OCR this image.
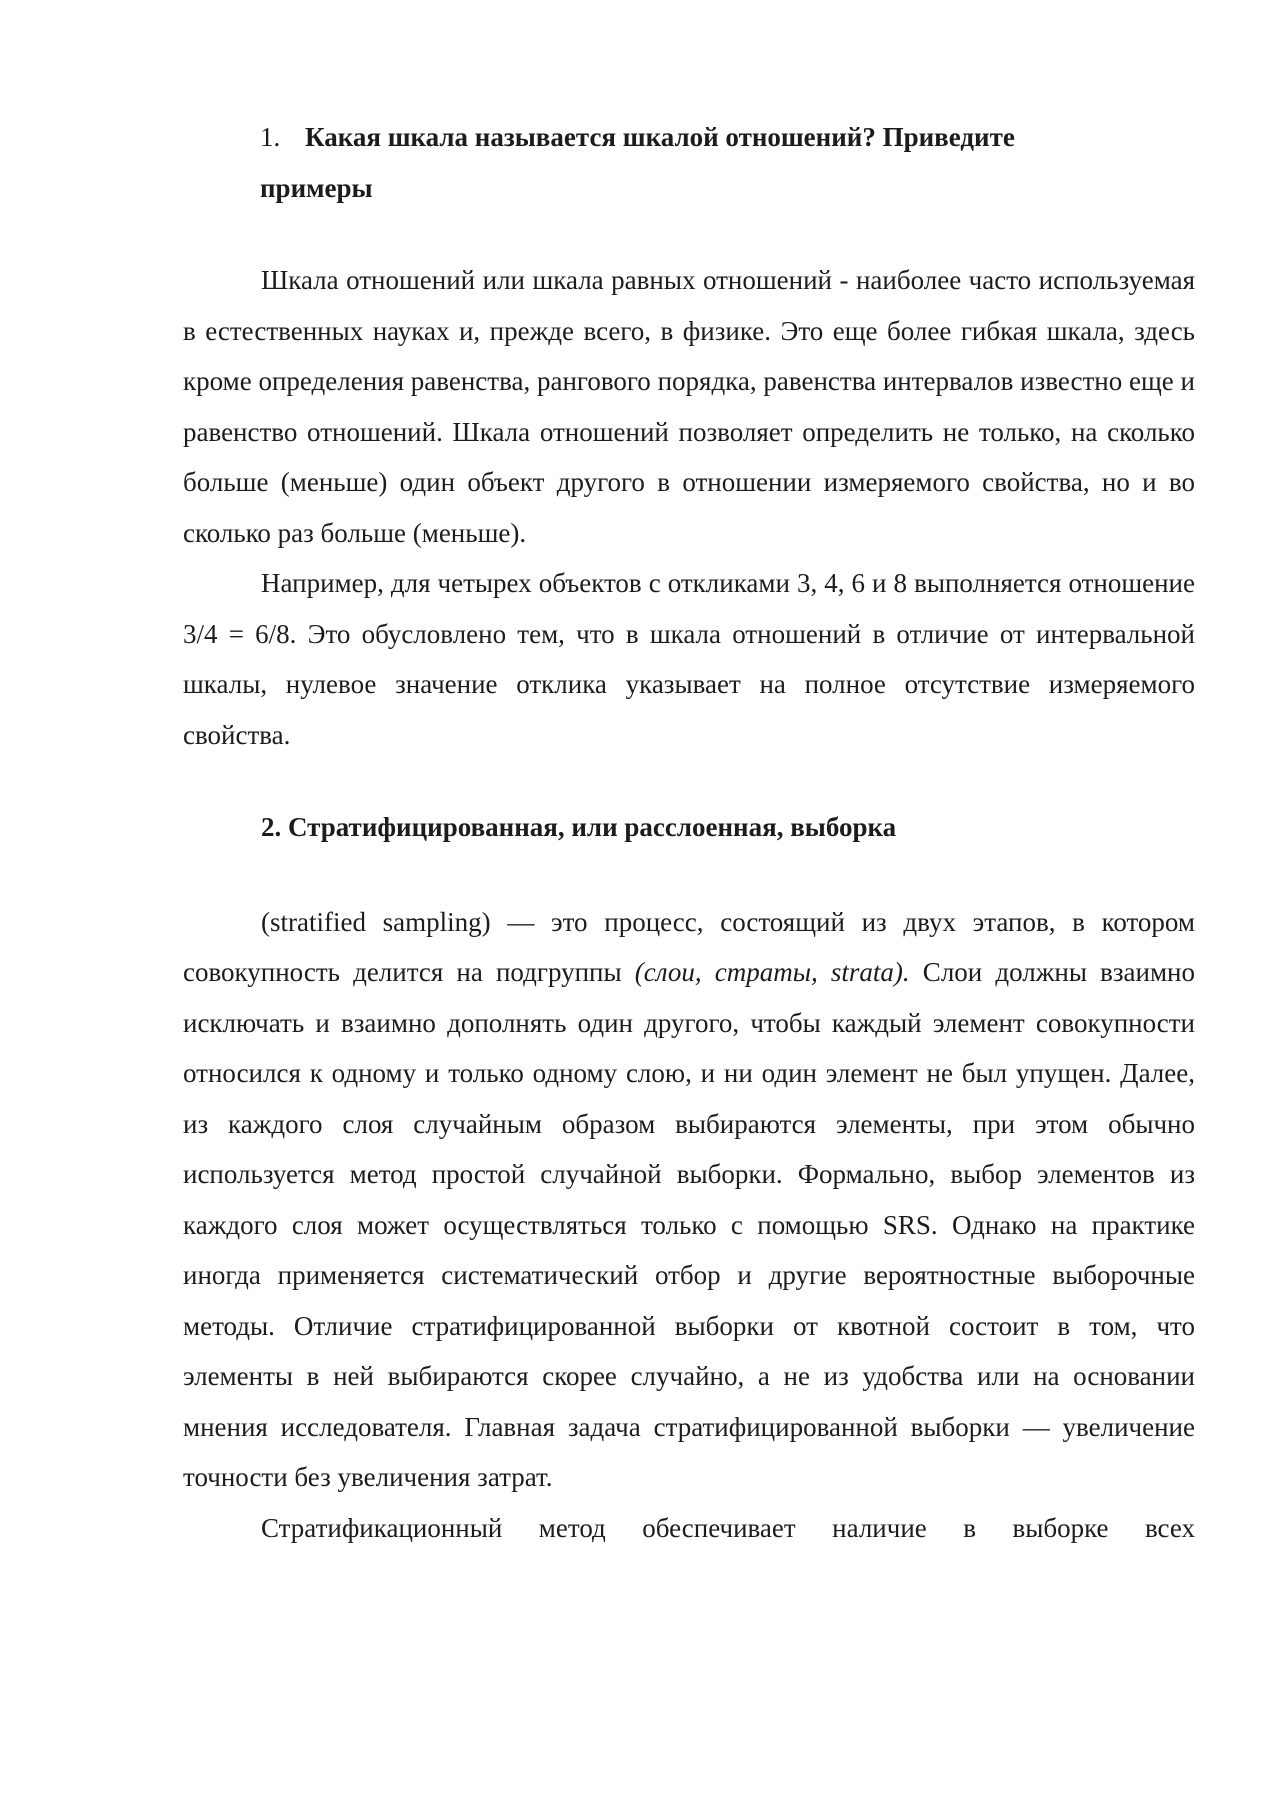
1. Какая шкала называется шкалой отношений? Приведите
примеры

Шкала отношений или шкала равных отношений - наиболее часто используемая в естественных науках и, прежде всего, в физике. Это еще более гибкая шкала, здесь кроме определения равенства, рангового порядка, равенства интервалов известно еще и равенство отношений. Шкала отношений позволяет определить не только, на сколько больше (меньше) один объект другого в отношении измеряемого свойства, но и во сколько раз больше (меньше).

Например, для четырех объектов с откликами 3, 4, 6 и 8 выполняется отношение 3/4 = 6/8. Это обусловлено тем, что в шкала отношений в отличие от интервальной шкалы, нулевое значение отклика указывает на полное отсутствие измеряемого свойства.

2. Стратифицированная, или расслоенная, выборка

(stratified sampling) — это процесс, состоящий из двух этапов, в котором совокупность делится на подгруппы (слои, страты, strata). Слои должны взаимно исключать и взаимно дополнять один другого, чтобы каждый элемент совокупности относился к одному и только одному слою, и ни один элемент не был упущен. Далее, из каждого слоя случайным образом выбираются элементы, при этом обычно используется метод простой случайной выборки. Формально, выбор элементов из каждого слоя может осуществляться только с помощью SRS. Однако на практике иногда применяется систематический отбор и другие вероятностные выборочные методы. Отличие стратифицированной выборки от квотной состоит в том, что элементы в ней выбираются скорее случайно, а не из удобства или на основании мнения исследователя. Главная задача стратифицированной выборки — увеличение точности без увеличения затрат.

Стратификационный метод обеспечивает наличие в выборке всех
